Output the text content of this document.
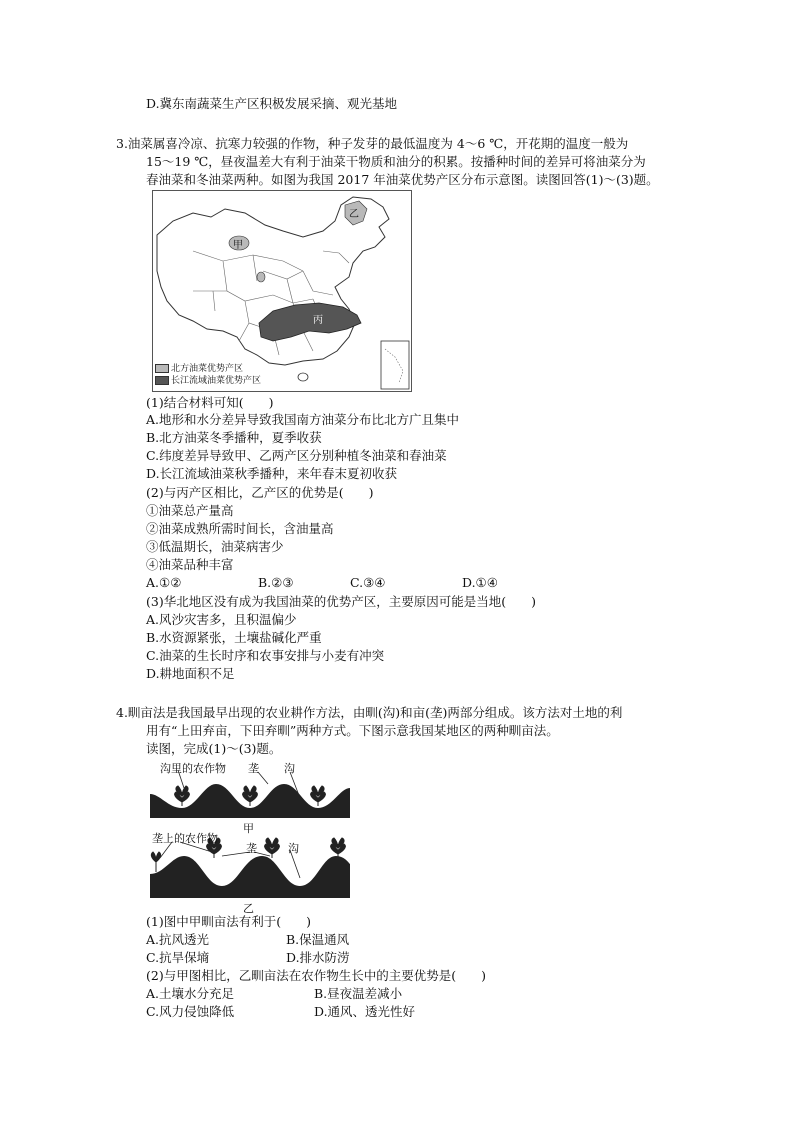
D.冀东南蔬菜生产区积极发展采摘、观光基地
3.油菜属喜冷凉、抗寒力较强的作物，种子发芽的最低温度为 4～6 ℃，开花期的温度一般为
15～19 ℃，昼夜温差大有利于油菜干物质和油分的积累。按播种时间的差异可将油菜分为
春油菜和冬油菜两种。如图为我国 2017 年油菜优势产区分布示意图。读图回答(1)～(3)题。
甲
乙
丙
北方油菜优势产区
长江流域油菜优势产区
(1)结合材料可知(　　)
A.地形和水分差异导致我国南方油菜分布比北方广且集中
B.北方油菜冬季播种，夏季收获
C.纬度差异导致甲、乙两产区分别种植冬油菜和春油菜
D.长江流域油菜秋季播种，来年春末夏初收获
(2)与丙产区相比，乙产区的优势是(　　)
①油菜总产量高
②油菜成熟所需时间长，含油量高
③低温期长，油菜病害少
④油菜品种丰富
A.①②	B.②③	C.③④	D.①④
(3)华北地区没有成为我国油菜的优势产区，主要原因可能是当地(　　)
A.风沙灾害多，且积温偏少
B.水资源紧张，土壤盐碱化严重
C.油菜的生长时序和农事安排与小麦有冲突
D.耕地面积不足
4.甽亩法是我国最早出现的农业耕作方法，由甽(沟)和亩(垄)两部分组成。该方法对土地的利
用有“上田弃亩，下田弃甽”两种方式。下图示意我国某地区的两种甽亩法。
读图，完成(1)～(3)题。
沟里的农作物 垄 沟
甲
垄上的农作物
垄	沟
乙
(1)图中甲甽亩法有利于(　　)
A.抗风透光	B.保温通风
C.抗旱保墒	D.排水防涝
(2)与甲图相比，乙甽亩法在农作物生长中的主要优势是(　　)
A.土壤水分充足	B.昼夜温差减小
C.风力侵蚀降低	D.通风、透光性好
